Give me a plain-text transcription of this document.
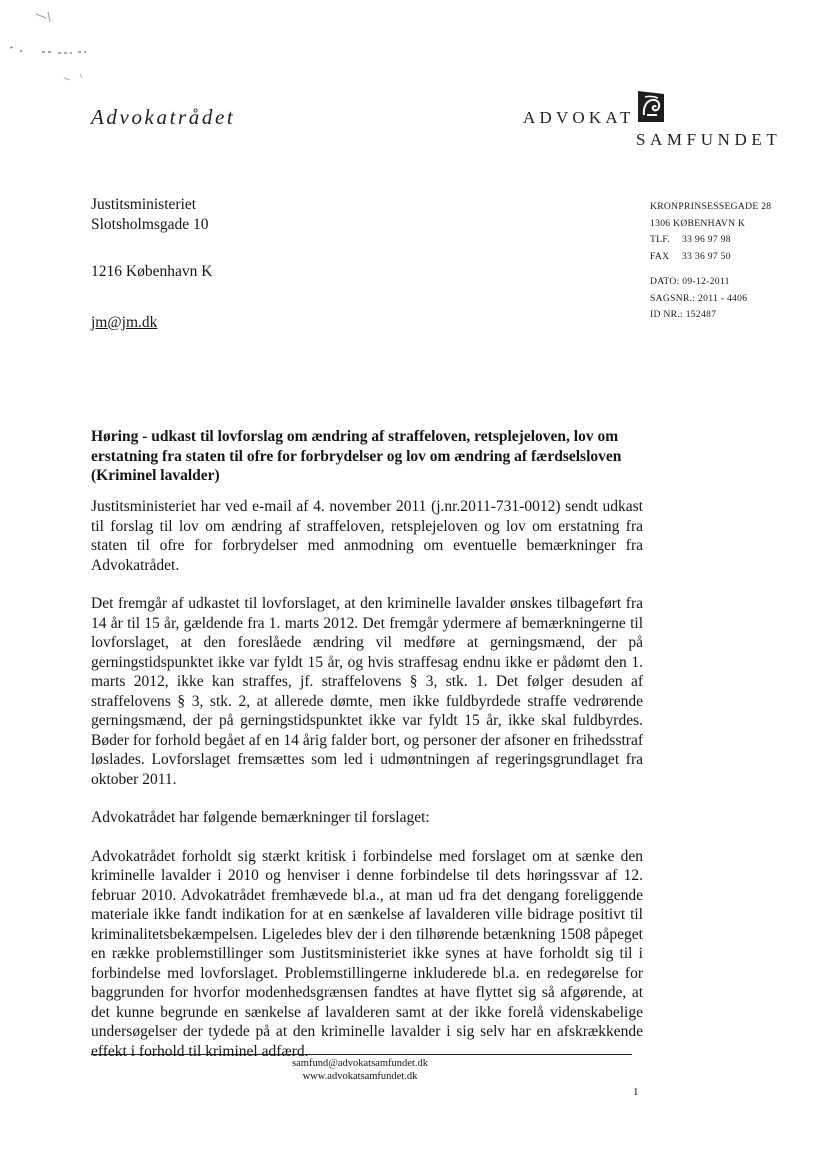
Advokatrådet	ADVOKAT
SAMFUNDET
Justitsministeriet
Slotsholmsgade 10
1216 København K
jm@jm.dk
KRONPRINSESSEGADE 28
1306 KØBENHAVN K
TLF. 33 96 97 98
FAX 33 36 97 50
DATO: 09-12-2011
SAGSNR.: 2011 - 4406
ID NR.: 152487
Høring - udkast til lovforslag om ændring af straffeloven, retsplejeloven, lov om erstatning fra staten til ofre for forbrydelser og lov om ændring af færdselsloven (Kriminel lavalder)

Justitsministeriet har ved e-mail af 4. november 2011 (j.nr.2011-731-0012) sendt udkast til forslag til lov om ændring af straffeloven, retsplejeloven og lov om erstatning fra staten til ofre for forbrydelser med anmodning om eventuelle bemærkninger fra Advokatrådet.

Det fremgår af udkastet til lovforslaget, at den kriminelle lavalder ønskes tilbageført fra 14 år til 15 år, gældende fra 1. marts 2012. Det fremgår ydermere af bemærkningerne til lovforslaget, at den foreslåede ændring vil medføre at gerningsmænd, der på gerningstidspunktet ikke var fyldt 15 år, og hvis straffesag endnu ikke er pådømt den 1. marts 2012, ikke kan straffes, jf. straffelovens § 3, stk. 1. Det følger desuden af straffelovens § 3, stk. 2, at allerede dømte, men ikke fuldbyrdede straffe vedrørende gerningsmænd, der på gerningstidspunktet ikke var fyldt 15 år, ikke skal fuldbyrdes. Bøder for forhold begået af en 14 årig falder bort, og personer der afsoner en frihedsstraf løslades. Lovforslaget fremsættes som led i udmøntningen af regeringsgrundlaget fra oktober 2011.

Advokatrådet har følgende bemærkninger til forslaget:

Advokatrådet forholdt sig stærkt kritisk i forbindelse med forslaget om at sænke den kriminelle lavalder i 2010 og henviser i denne forbindelse til dets høringssvar af 12. februar 2010. Advokatrådet fremhævede bl.a., at man ud fra det dengang foreliggende materiale ikke fandt indikation for at en sænkelse af lavalderen ville bidrage positivt til kriminalitetsbekæmpelsen. Ligeledes blev der i den tilhørende betænkning 1508 påpeget en række problemstillinger som Justitsministeriet ikke synes at have forholdt sig til i forbindelse med lovforslaget. Problemstillingerne inkluderede bl.a. en redegørelse for baggrunden for hvorfor modenhedsgrænsen fandtes at have flyttet sig så afgørende, at det kunne begrunde en sænkelse af lavalderen samt at der ikke forelå videnskabelige undersøgelser der tydede på at den kriminelle lavalder i sig selv har en afskrækkende effekt i forhold til kriminel adfærd.

samfund@advokatsamfundet.dk
www.advokatsamfundet.dk
1
